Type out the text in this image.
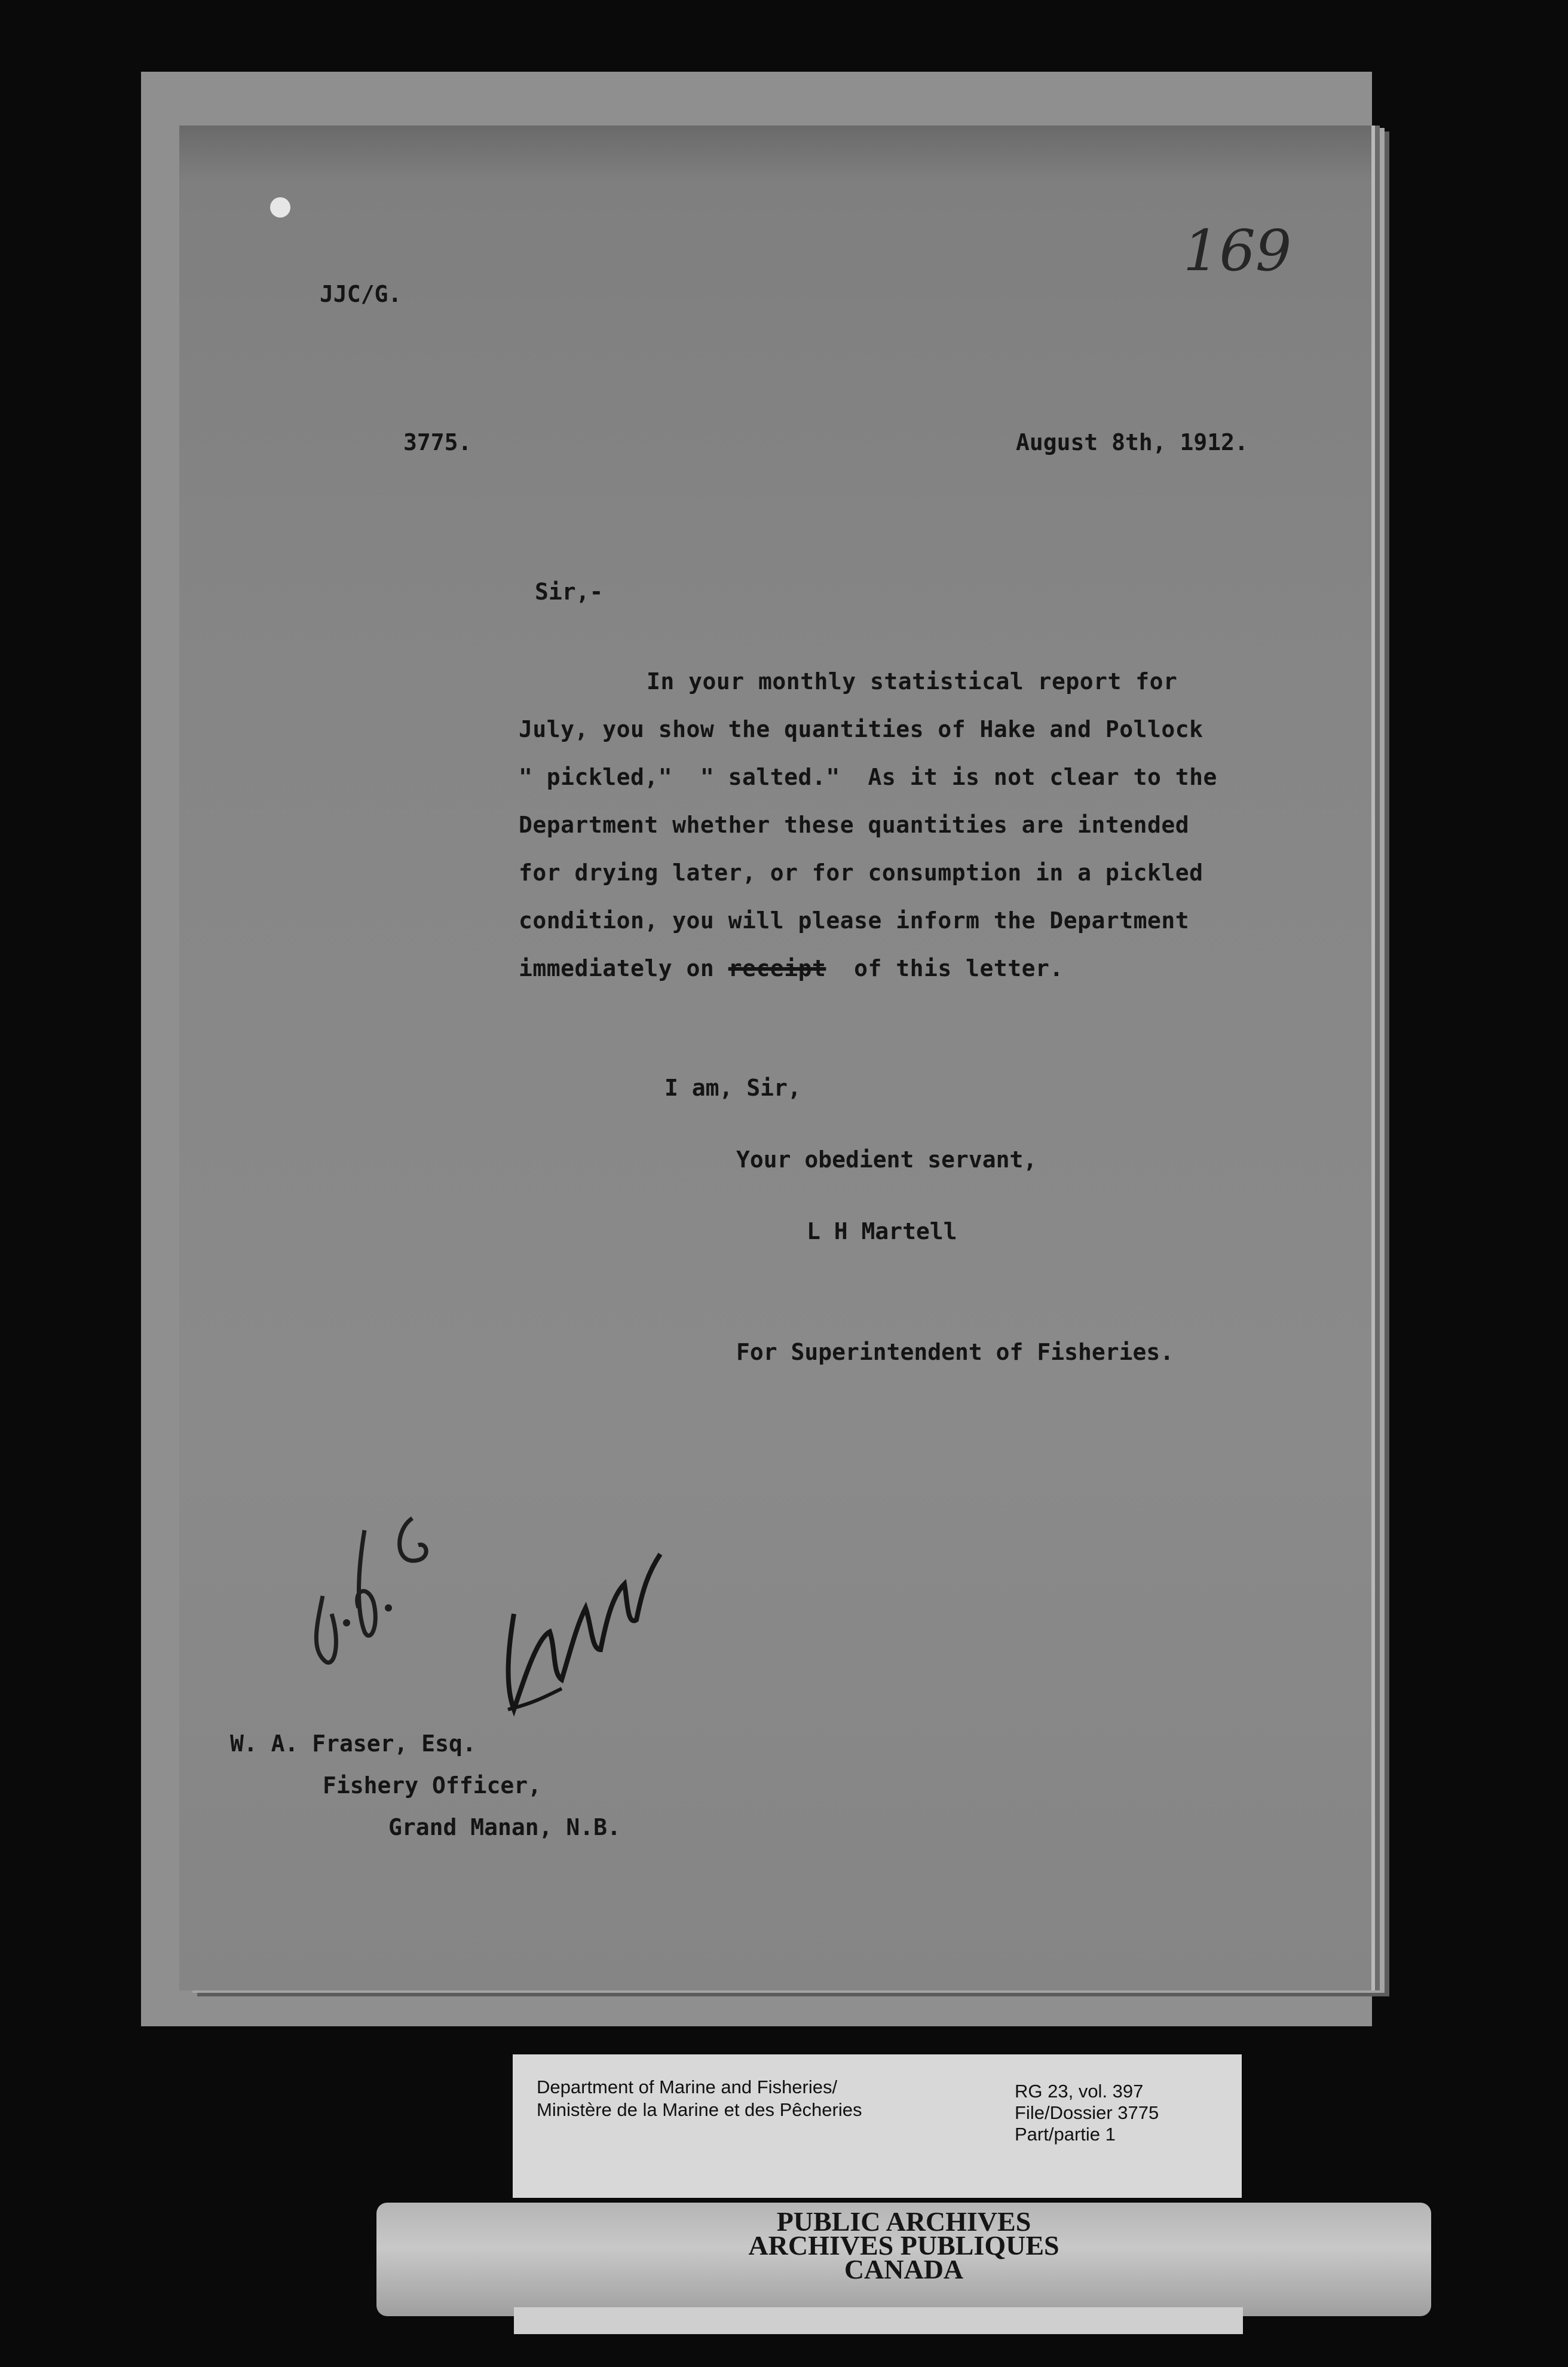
169
JJC/G.
3775.	August 8th, 1912.
Sir,-
In your monthly statistical report for
July, you show the quantities of Hake and Pollock
" pickled,"  " salted."  As it is not clear to the
Department whether these quantities are intended
for drying later, or for consumption in a pickled
condition, you will please inform the Department
immediately on receipt of this letter.
I am, Sir,
Your obedient servant,
L H Martell
For Superintendent of Fisheries.
W. A. Fraser, Esq.
Fishery Officer,
Grand Manan, N.B.
Department of Marine and Fisheries/
Ministère de la Marine et des Pêcheries
RG 23, vol. 397
File/Dossier 3775
Part/partie 1
PUBLIC ARCHIVES
ARCHIVES PUBLIQUES
CANADA
